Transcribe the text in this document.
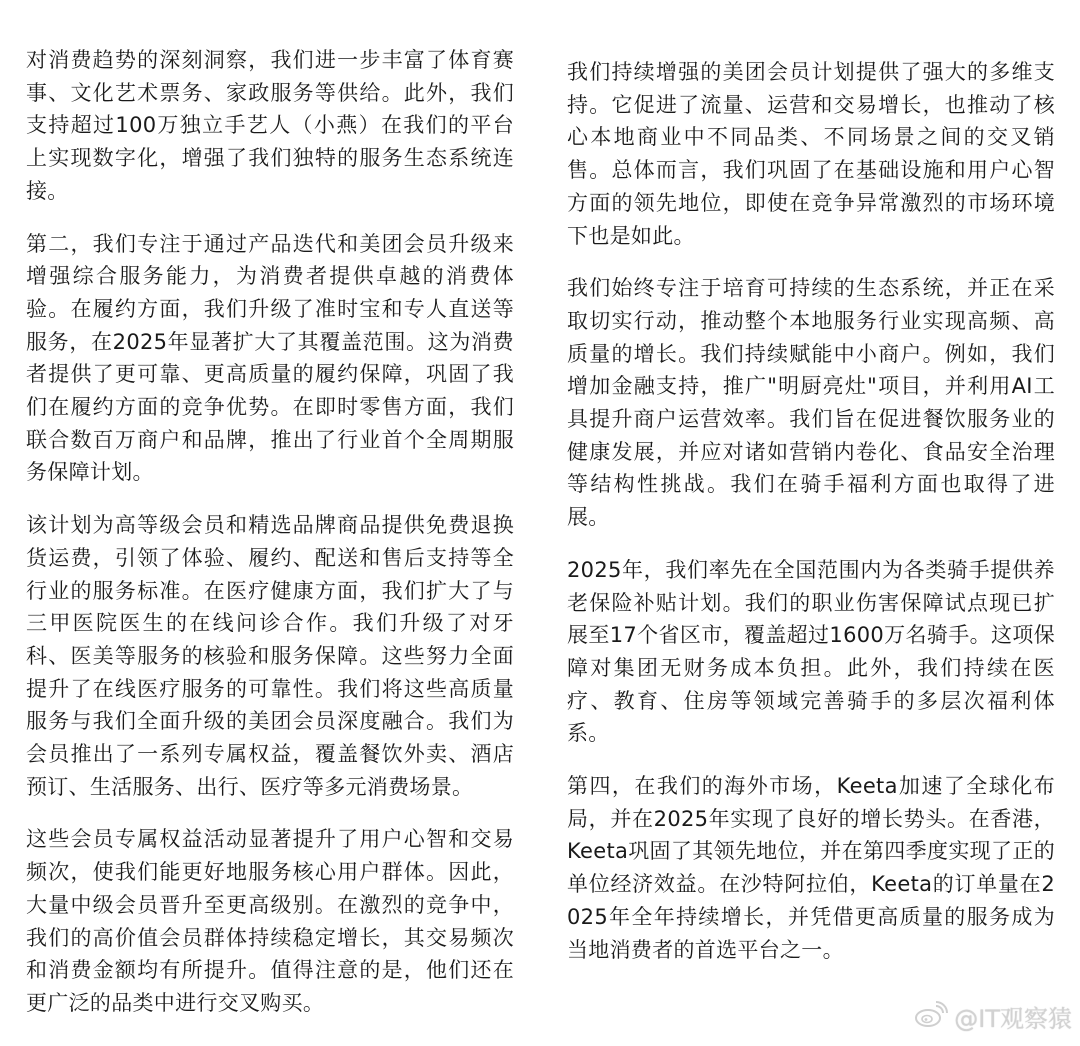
对消费趋势的深刻洞察，我们进一步丰富了体育赛事、文化艺术票务、家政服务等供给。此外，我们支持超过100万独立手艺人（小燕）在我们的平台上实现数字化，增强了我们独特的服务生态系统连接。

第二，我们专注于通过产品迭代和美团会员升级来增强综合服务能力，为消费者提供卓越的消费体验。在履约方面，我们升级了准时宝和专人直送等服务，在2025年显著扩大了其覆盖范围。这为消费者提供了更可靠、更高质量的履约保障，巩固了我们在履约方面的竞争优势。在即时零售方面，我们联合数百万商户和品牌，推出了行业首个全周期服务保障计划。

该计划为高等级会员和精选品牌商品提供免费退换货运费，引领了体验、履约、配送和售后支持等全行业的服务标准。在医疗健康方面，我们扩大了与三甲医院医生的在线问诊合作。我们升级了对牙科、医美等服务的核验和服务保障。这些努力全面提升了在线医疗服务的可靠性。我们将这些高质量服务与我们全面升级的美团会员深度融合。我们为会员推出了一系列专属权益，覆盖餐饮外卖、酒店预订、生活服务、出行、医疗等多元消费场景。

这些会员专属权益活动显著提升了用户心智和交易频次，使我们能更好地服务核心用户群体。因此，大量中级会员晋升至更高级别。在激烈的竞争中，我们的高价值会员群体持续稳定增长，其交易频次和消费金额均有所提升。值得注意的是，他们还在更广泛的品类中进行交叉购买。

我们持续增强的美团会员计划提供了强大的多维支持。它促进了流量、运营和交易增长，也推动了核心本地商业中不同品类、不同场景之间的交叉销售。总体而言，我们巩固了在基础设施和用户心智方面的领先地位，即使在竞争异常激烈的市场环境下也是如此。

我们始终专注于培育可持续的生态系统，并正在采取切实行动，推动整个本地服务行业实现高频、高质量的增长。我们持续赋能中小商户。例如，我们增加金融支持，推广"明厨亮灶"项目，并利用AI工具提升商户运营效率。我们旨在促进餐饮服务业的健康发展，并应对诸如营销内卷化、食品安全治理等结构性挑战。我们在骑手福利方面也取得了进展。

2025年，我们率先在全国范围内为各类骑手提供养老保险补贴计划。我们的职业伤害保障试点现已扩展至17个省区市，覆盖超过1600万名骑手。这项保障对集团无财务成本负担。此外，我们持续在医疗、教育、住房等领域完善骑手的多层次福利体系。

第四，在我们的海外市场，Keeta加速了全球化布局，并在2025年实现了良好的增长势头。在香港，Keeta巩固了其领先地位，并在第四季度实现了正的单位经济效益。在沙特阿拉伯，Keeta的订单量在2025年全年持续增长，并凭借更高质量的服务成为当地消费者的首选平台之一。

@IT观察猿
